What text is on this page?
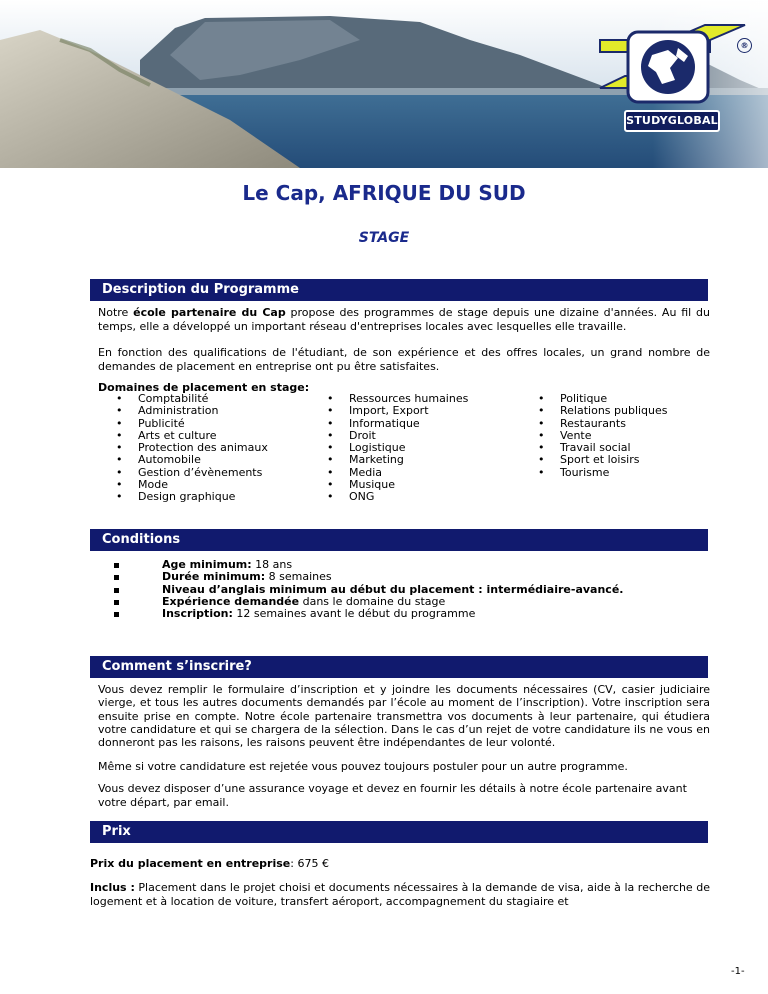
®
STUDYGLOBAL
Le Cap, AFRIQUE DU SUD
STAGE
Description du Programme
Notre école partenaire du Cap propose des programmes de stage depuis une dizaine d'années. Au fil du temps, elle a développé un important réseau d'entreprises locales avec lesquelles elle travaille.
En fonction des qualifications de l'étudiant, de son expérience et des offres locales, un grand nombre de demandes de placement en entreprise ont pu être satisfaites.
Domaines de placement en stage:
• Comptabilité
• Administration
• Publicité
• Arts et culture
• Protection des animaux
• Automobile
• Gestion d’évènements
• Mode
• Design graphique
• Ressources humaines
• Import, Export
• Informatique
• Droit
• Logistique
• Marketing
• Media
• Musique
• ONG
• Politique
• Relations publiques
• Restaurants
• Vente
• Travail social
• Sport et loisirs
• Tourisme
Conditions
Age minimum: 18 ans
Durée minimum: 8 semaines
Niveau d’anglais minimum au début du placement : intermédiaire-avancé.
Expérience demandée dans le domaine du stage
Inscription: 12 semaines avant le début du programme
Comment s’inscrire?
Vous devez remplir le formulaire d’inscription et y joindre les documents nécessaires (CV, casier judiciaire vierge, et tous les autres documents demandés par l’école au moment de l’inscription). Votre inscription sera ensuite prise en compte. Notre école partenaire transmettra vos documents à leur partenaire, qui étudiera votre candidature et qui se chargera de la sélection. Dans le cas d’un rejet de votre candidature ils ne vous en donneront pas les raisons, les raisons peuvent être indépendantes de leur volonté.
Même si votre candidature est rejetée vous pouvez toujours postuler pour un autre programme.
Vous devez disposer d’une assurance voyage et devez en fournir les détails à notre école partenaire avant votre départ, par email.
Prix
Prix du placement en entreprise: 675 €
Inclus : Placement dans le projet choisi et documents nécessaires à la demande de visa, aide à la recherche de logement et à location de voiture, transfert aéroport, accompagnement du stagiaire et
-1-
